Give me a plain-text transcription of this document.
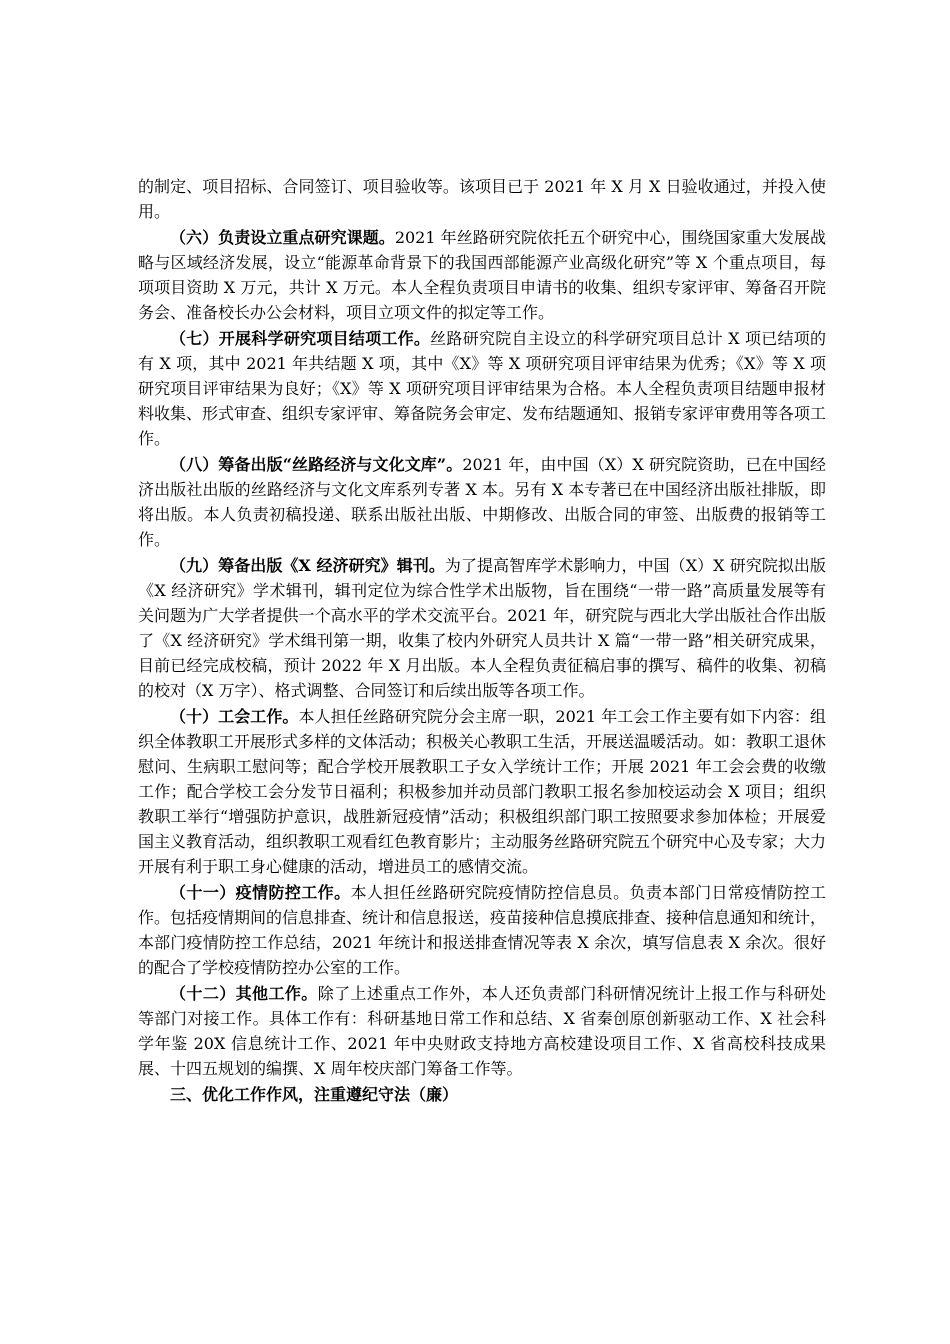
的制定、项目招标、合同签订、项目验收等。该项目已于 2021 年 X 月 X 日验收通过，并投入使用。

（六）负责设立重点研究课题。2021 年丝路研究院依托五个研究中心，围绕国家重大发展战略与区域经济发展，设立“能源革命背景下的我国西部能源产业高级化研究”等 X 个重点项目，每项项目资助 X 万元，共计 X 万元。本人全程负责项目申请书的收集、组织专家评审、筹备召开院务会、准备校长办公会材料，项目立项文件的拟定等工作。

（七）开展科学研究项目结项工作。丝路研究院自主设立的科学研究项目总计 X 项已结项的有 X 项，其中 2021 年共结题 X 项，其中《X》等 X 项研究项目评审结果为优秀；《X》等 X 项研究项目评审结果为良好；《X》等 X 项研究项目评审结果为合格。本人全程负责项目结题申报材料收集、形式审查、组织专家评审、筹备院务会审定、发布结题通知、报销专家评审费用等各项工作。

（八）筹备出版“丝路经济与文化文库”。2021 年，由中国（X）X 研究院资助，已在中国经济出版社出版的丝路经济与文化文库系列专著 X 本。另有 X 本专著已在中国经济出版社排版，即将出版。本人负责初稿投递、联系出版社出版、中期修改、出版合同的审签、出版费的报销等工作。

（九）筹备出版《X 经济研究》辑刊。为了提高智库学术影响力，中国（X）X 研究院拟出版《X 经济研究》学术辑刊，辑刊定位为综合性学术出版物，旨在围绕“一带一路”高质量发展等有关问题为广大学者提供一个高水平的学术交流平台。2021 年，研究院与西北大学出版社合作出版了《X 经济研究》学术缉刊第一期，收集了校内外研究人员共计 X 篇“一带一路”相关研究成果，目前已经完成校稿，预计 2022 年 X 月出版。本人全程负责征稿启事的撰写、稿件的收集、初稿的校对（X 万字）、格式调整、合同签订和后续出版等各项工作。

（十）工会工作。本人担任丝路研究院分会主席一职，2021 年工会工作主要有如下内容：组织全体教职工开展形式多样的文体活动；积极关心教职工生活，开展送温暖活动。如：教职工退休慰问、生病职工慰问等；配合学校开展教职工子女入学统计工作；开展 2021 年工会会费的收缴工作；配合学校工会分发节日福利；积极参加并动员部门教职工报名参加校运动会 X 项目；组织教职工举行“增强防护意识，战胜新冠疫情”活动；积极组织部门职工按照要求参加体检；开展爱国主义教育活动，组织教职工观看红色教育影片；主动服务丝路研究院五个研究中心及专家；大力开展有利于职工身心健康的活动，增进员工的感情交流。

（十一）疫情防控工作。本人担任丝路研究院疫情防控信息员。负责本部门日常疫情防控工作。包括疫情期间的信息排查、统计和信息报送，疫苗接种信息摸底排查、接种信息通知和统计，本部门疫情防控工作总结，2021 年统计和报送排查情况等表 X 余次，填写信息表 X 余次。很好的配合了学校疫情防控办公室的工作。

（十二）其他工作。除了上述重点工作外，本人还负责部门科研情况统计上报工作与科研处等部门对接工作。具体工作有：科研基地日常工作和总结、X 省秦创原创新驱动工作、X 社会科学年鉴 20X 信息统计工作、2021 年中央财政支持地方高校建设项目工作、X 省高校科技成果展、十四五规划的编撰、X 周年校庆部门筹备工作等。

三、优化工作作风，注重遵纪守法（廉）
